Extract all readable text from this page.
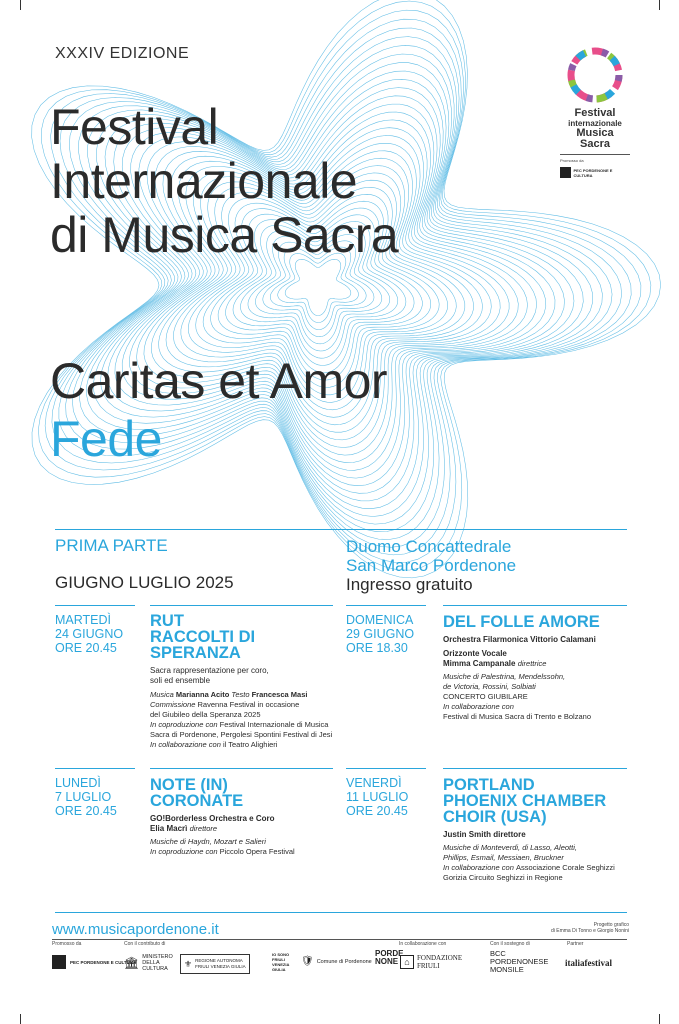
XXXIV EDIZIONE
Festival
Internazionale
di Musica Sacra
Caritas et Amor
Fede
Festival
internazionale
Musica
Sacra
Promosso da
PEC PORDENONE E CULTURA
PRIMA PARTE
GIUGNO LUGLIO 2025
Duomo Concattedrale
San Marco Pordenone
Ingresso gratuito
MARTEDÌ
24 GIUGNO
ORE 20.45
RUT
RACCOLTI DI
SPERANZA
Sacra rappresentazione per coro,
soli ed ensemble
Musica Marianna Acito Testo Francesca Masi
Commissione Ravenna Festival in occasione
del Giubileo della Speranza 2025
In coproduzione con Festival Internazionale di Musica
Sacra di Pordenone, Pergolesi Spontini Festival di Jesi
In collaborazione con il Teatro Alighieri
DOMENICA
29 GIUGNO
ORE 18.30
DEL FOLLE AMORE
Orchestra Filarmonica Vittorio Calamani
Orizzonte Vocale
Mimma Campanale direttrice
Musiche di Palestrina, Mendelssohn,
de Victoria, Rossini, Solbiati
CONCERTO GIUBILARE
In collaborazione con
Festival di Musica Sacra di Trento e Bolzano
LUNEDÌ
7 LUGLIO
ORE 20.45
NOTE (IN)
CORONATE
GO!Borderless Orchestra e Coro
Elia Macrì direttore
Musiche di Haydn, Mozart e Salieri
In coproduzione con Piccolo Opera Festival
VENERDÌ
11 LUGLIO
ORE 20.45
PORTLAND
PHOENIX CHAMBER
CHOIR (USA)
Justin Smith direttore
Musiche di Monteverdi, di Lasso, Aleotti,
Phillips, Esmail, Messiaen, Bruckner
In collaborazione con Associazione Corale Seghizzi
Gorizia Circuito Seghizzi in Regione
www.musicapordenone.it	Progetto grafico
di Emma Di Tonno e Giorgio Nonini
Promosso da	Con il contributo di	In collaborazione con	Con il sostegno di	Partner
PEC PORDENONE E CULTURA
🏛 MINISTERO
DELLA
CULTURA
⚜ REGIONE AUTONOMA
FRIULI VENEZIA GIULIA
IO SONO
FRIULI
VENEZIA
GIULIA
🛡 Comune di Pordenone
PORDE
NONE ⌂	FONDAZIONE
FRIULI
BCC
PORDENONESE
MONSILE
italiafestival
